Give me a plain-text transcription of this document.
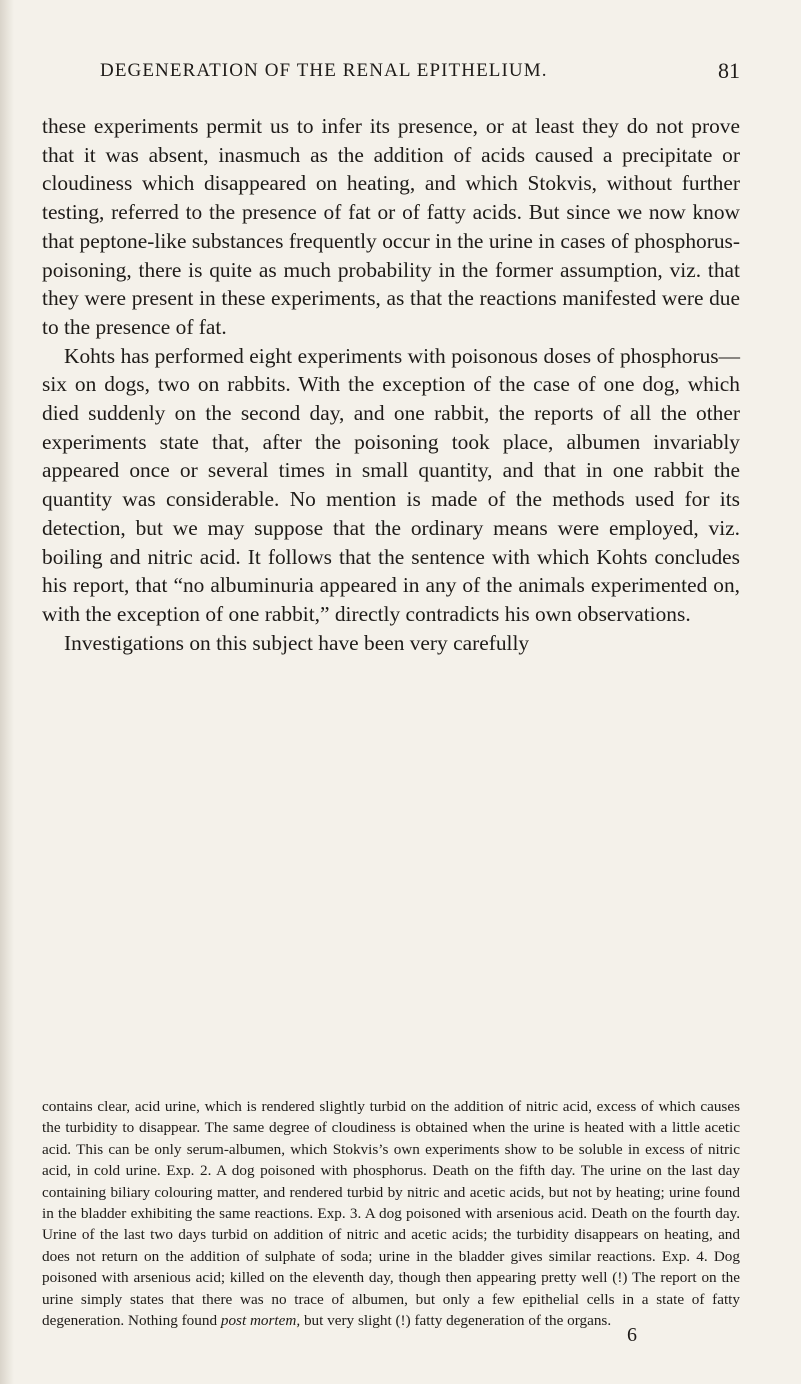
DEGENERATION OF THE RENAL EPITHELIUM.	81

these experiments permit us to infer its presence, or at least they do not prove that it was absent, inasmuch as the addition of acids caused a precipitate or cloudiness which disappeared on heating, and which Stokvis, without further testing, referred to the presence of fat or of fatty acids. But since we now know that peptone-like substances frequently occur in the urine in cases of phosphorus-poisoning, there is quite as much probability in the former assumption, viz. that they were present in these experiments, as that the reactions manifested were due to the presence of fat.

Kohts has performed eight experiments with poisonous doses of phosphorus—six on dogs, two on rabbits. With the exception of the case of one dog, which died suddenly on the second day, and one rabbit, the reports of all the other experiments state that, after the poisoning took place, albumen invariably appeared once or several times in small quantity, and that in one rabbit the quantity was considerable. No mention is made of the methods used for its detection, but we may suppose that the ordinary means were employed, viz. boiling and nitric acid. It follows that the sentence with which Kohts concludes his report, that “no albuminuria appeared in any of the animals experimented on, with the exception of one rabbit,” directly contradicts his own observations.

Investigations on this subject have been very carefully

contains clear, acid urine, which is rendered slightly turbid on the addition of nitric acid, excess of which causes the turbidity to disappear. The same degree of cloudiness is obtained when the urine is heated with a little acetic acid. This can be only serum-albumen, which Stokvis’s own experiments show to be soluble in excess of nitric acid, in cold urine. Exp. 2. A dog poisoned with phosphorus. Death on the fifth day. The urine on the last day containing biliary colouring matter, and rendered turbid by nitric and acetic acids, but not by heating; urine found in the bladder exhibiting the same reactions. Exp. 3. A dog poisoned with arsenious acid. Death on the fourth day. Urine of the last two days turbid on addition of nitric and acetic acids; the turbidity disappears on heating, and does not return on the addition of sulphate of soda; urine in the bladder gives similar reactions. Exp. 4. Dog poisoned with arsenious acid; killed on the eleventh day, though then appearing pretty well (!) The report on the urine simply states that there was no trace of albumen, but only a few epithelial cells in a state of fatty degeneration. Nothing found post mortem, but very slight (!) fatty degeneration of the organs.

6
